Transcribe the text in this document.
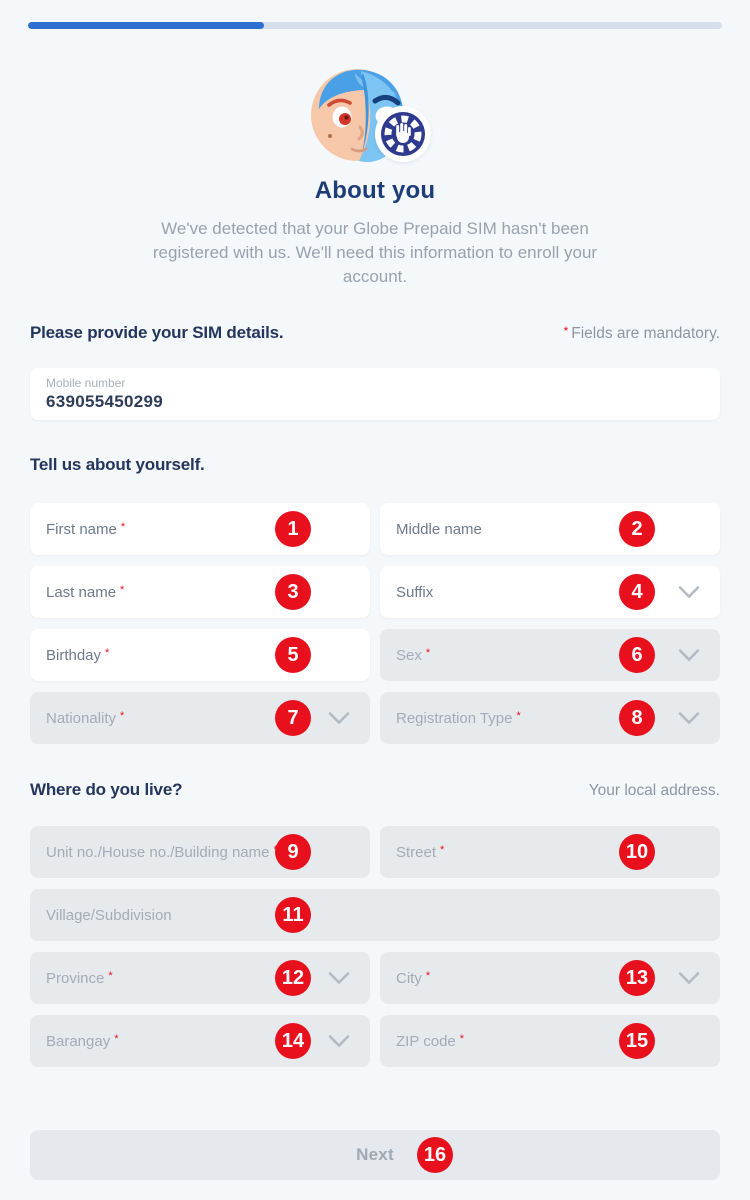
About you

We've detected that your Globe Prepaid SIM hasn't been registered with us. We'll need this information to enroll your account.

Please provide your SIM details.	* Fields are mandatory.
Mobile number
639055450299
Tell us about yourself.
First name *	1	Middle name	2
Last name *	3	Suffix	4
Birthday *	5	Sex *	6
Nationality *	7	Registration Type *	8
Where do you live?	Your local address.
Unit no./House no./Building name 9	Street *	10
Village/Subdivision	11
Province *	12	City *	13
Barangay *	14	ZIP code *	15
Next	16
